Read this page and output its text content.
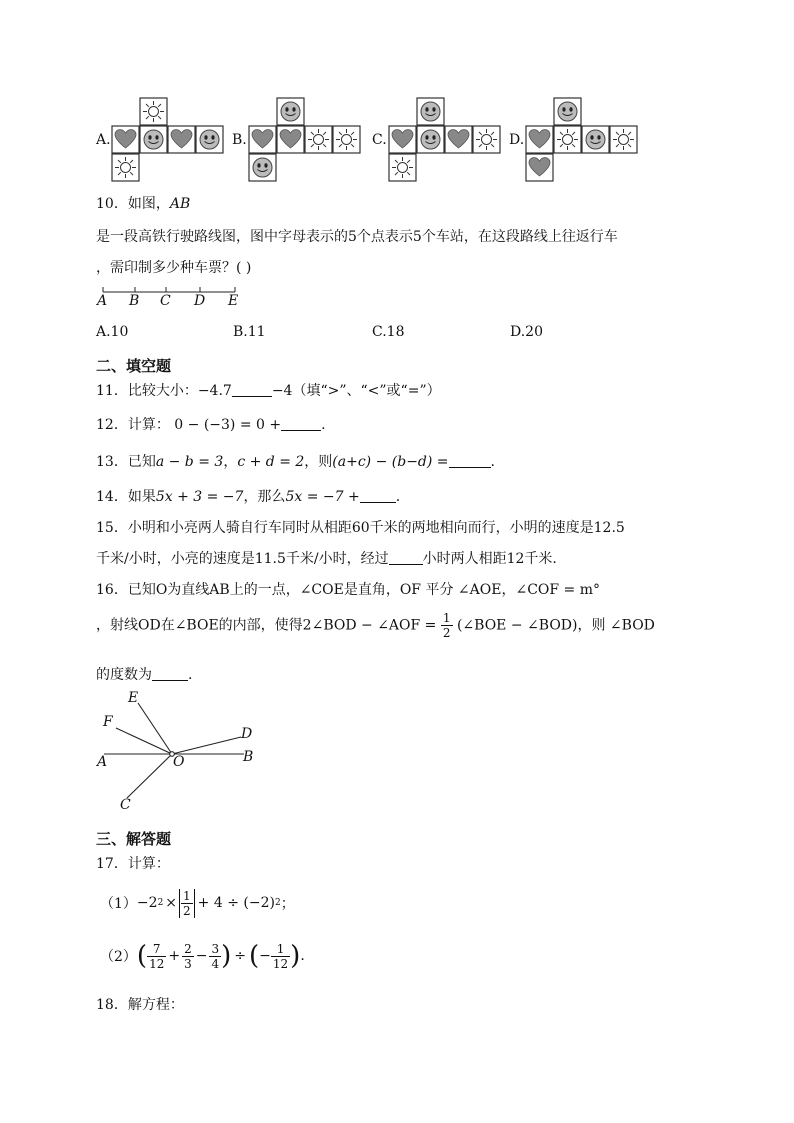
A.	B.	C.	D.
10．如图，AB
是一段高铁行驶路线图，图中字母表示的5个点表示5个车站，在这段路线上往返行车
，需印制多少种车票？( )
A B C D E
A.10	B.11	C.18	D.20
二、填空题
11．比较大小：−4.7	−4（填“>”、“<”或“=”）
12．计算： 0 − (−3) = 0 +	.
13．已知a − b = 3，c + d = 2，则(a+c) − (b−d) =	.
14．如果5x + 3 = −7，那么5x = −7 +	.
15．小明和小亮两人骑自行车同时从相距60千米的两地相向而行，小明的速度是12.5
千米/小时，小亮的速度是11.5千米/小时，经过 小时两人相距12千米.
16．已知O为直线AB上的一点，∠COE是直角，OF 平分 ∠AOE，∠COF = m°
，射线OD在∠BOE的内部，使得2∠BOD − ∠AOF = $\frac{1}{2}$ (∠BOE − ∠BOD)，则 ∠BOD
的度数为	.
E
F
A	O
D
B
C
三、解答题
17．计算：
（1） −2 $2 \times \frac{1}{2} + 4 \div (-2)$ 2 ；
（2） ( $\frac{7}{12} + \frac{2}{3} - \frac{3}{4}$ ) ÷ ( − $\frac{1}{12}$ ) .
18．解方程：
